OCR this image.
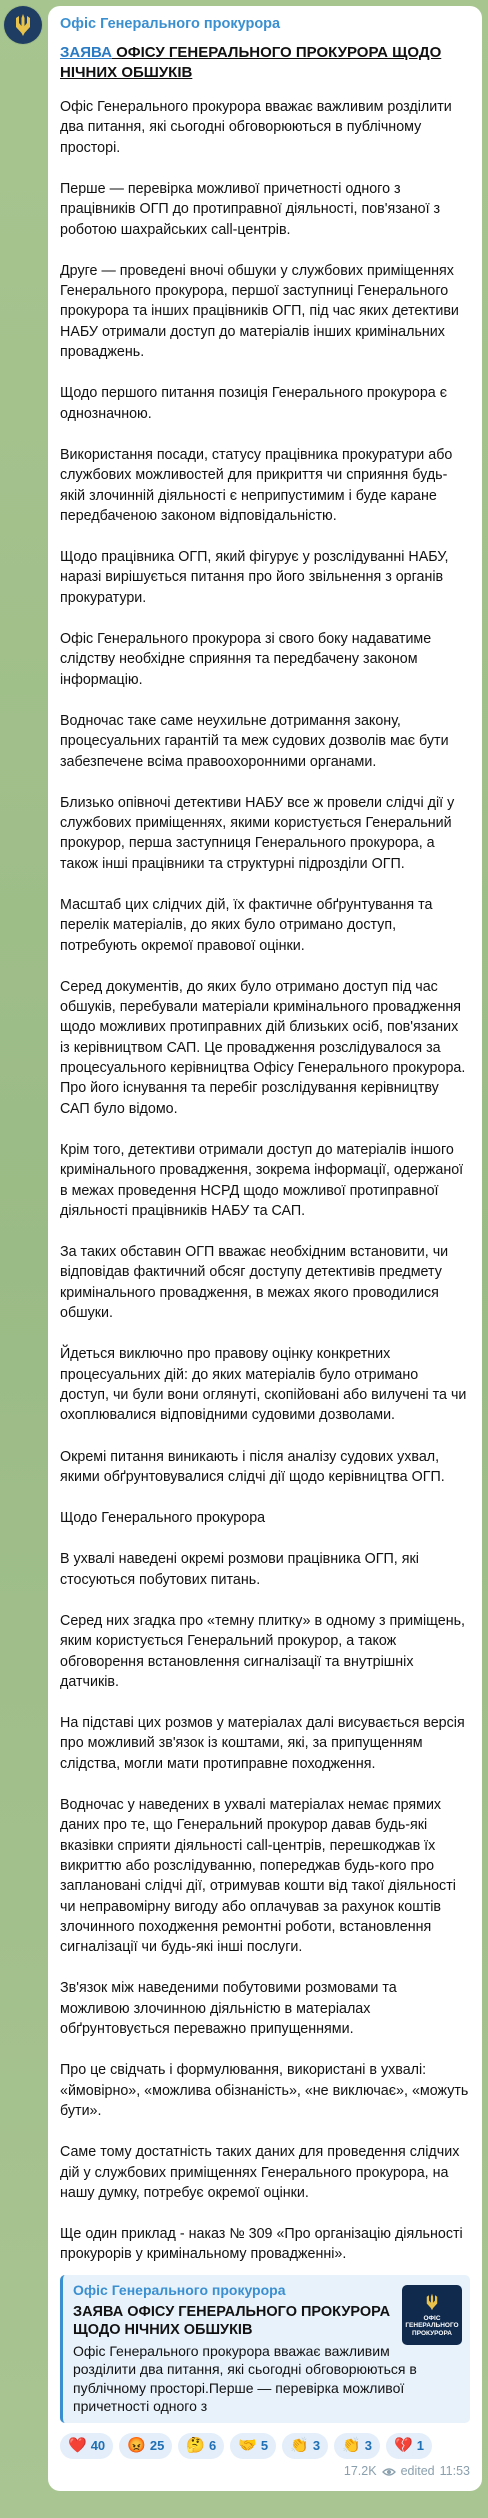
Офіс Генерального прокурора
ЗАЯВА ОФІСУ ГЕНЕРАЛЬНОГО ПРОКУРОРА ЩОДО НІЧНИХ ОБШУКІВ
Офіс Генерального прокурора вважає важливим розділити два питання, які сьогодні обговорюються в публічному просторі.
Перше — перевірка можливої причетності одного з працівників ОГП до протиправної діяльності, пов'язаної з роботою шахрайських call-центрів.
Друге — проведені вночі обшуки у службових приміщеннях Генерального прокурора, першої заступниці Генерального прокурора та інших працівників ОГП, під час яких детективи НАБУ отримали доступ до матеріалів інших кримінальних проваджень.
Щодо першого питання позиція Генерального прокурора є однозначною.
Використання посади, статусу працівника прокуратури або службових можливостей для прикриття чи сприяння будь-якій злочинній діяльності є неприпустимим і буде каране передбаченою законом відповідальністю.
Щодо працівника ОГП, який фігурує у розслідуванні НАБУ, наразі вирішується питання про його звільнення з органів прокуратури.
Офіс Генерального прокурора зі свого боку надаватиме слідству необхідне сприяння та передбачену законом інформацію.
Водночас таке саме неухильне дотримання закону, процесуальних гарантій та меж судових дозволів має бути забезпечене всіма правоохоронними органами.
Близько опівночі детективи НАБУ все ж провели слідчі дії у службових приміщеннях, якими користується Генеральний прокурор, перша заступниця Генерального прокурора, а також інші працівники та структурні підрозділи ОГП.
Масштаб цих слідчих дій, їх фактичне обґрунтування та перелік матеріалів, до яких було отримано доступ, потребують окремої правової оцінки.
Серед документів, до яких було отримано доступ під час обшуків, перебували матеріали кримінального провадження щодо можливих протиправних дій близьких осіб, пов'язаних із керівництвом САП. Це провадження розслідувалося за процесуального керівництва Офісу Генерального прокурора. Про його існування та перебіг розслідування керівництву САП було відомо.
Крім того, детективи отримали доступ до матеріалів іншого кримінального провадження, зокрема інформації, одержаної в межах проведення НСРД щодо можливої протиправної діяльності працівників НАБУ та САП.
За таких обставин ОГП вважає необхідним встановити, чи відповідав фактичний обсяг доступу детективів предмету кримінального провадження, в межах якого проводилися обшуки.
Йдеться виключно про правову оцінку конкретних процесуальних дій: до яких матеріалів було отримано доступ, чи були вони оглянуті, скопійовані або вилучені та чи охоплювалися відповідними судовими дозволами.
Окремі питання виникають і після аналізу судових ухвал, якими обґрунтовувалися слідчі дії щодо керівництва ОГП.
Щодо Генерального прокурора
В ухвалі наведені окремі розмови працівника ОГП, які стосуються побутових питань.
Серед них згадка про «темну плитку» в одному з приміщень, яким користується Генеральний прокурор, а також обговорення встановлення сигналізації та внутрішніх датчиків.
На підставі цих розмов у матеріалах далі висувається версія про можливий зв'язок із коштами, які, за припущенням слідства, могли мати протиправне походження.
Водночас у наведених в ухвалі матеріалах немає прямих даних про те, що Генеральний прокурор давав будь-які вказівки сприяти діяльності call-центрів, перешкоджав їх викриттю або розслідуванню, попереджав будь-кого про заплановані слідчі дії, отримував кошти від такої діяльності чи неправомірну вигоду або оплачував за рахунок коштів злочинного походження ремонтні роботи, встановлення сигналізації чи будь-які інші послуги.
Зв'язок між наведеними побутовими розмовами та можливою злочинною діяльністю в матеріалах обґрунтовується переважно припущеннями.
Про це свідчать і формулювання, використані в ухвалі: «ймовірно», «можлива обізнаність», «не виключає», «можуть бути».
Саме тому достатність таких даних для проведення слідчих дій у службових приміщеннях Генерального прокурора, на нашу думку, потребує окремої оцінки.
Ще один приклад - наказ № 309 «Про організацію діяльності прокурорів у кримінальному провадженні».
Офіс Генерального прокурора
ЗАЯВА ОФІСУ ГЕНЕРАЛЬНОГО ПРОКУРОРА ЩОДО НІЧНИХ ОБШУКІВ
Офіс Генерального прокурора вважає важливим розділити два питання, які сьогодні обговорюються в публічному просторі.Перше — перевірка можливої причетності одного з
ОФІС ГЕНЕРАЛЬНОГО ПРОКУРОРА
❤️ 40 😡 25 🤔 6 🤝 5 👏 3 👏 3 💔 1
17.2K edited 11:53
